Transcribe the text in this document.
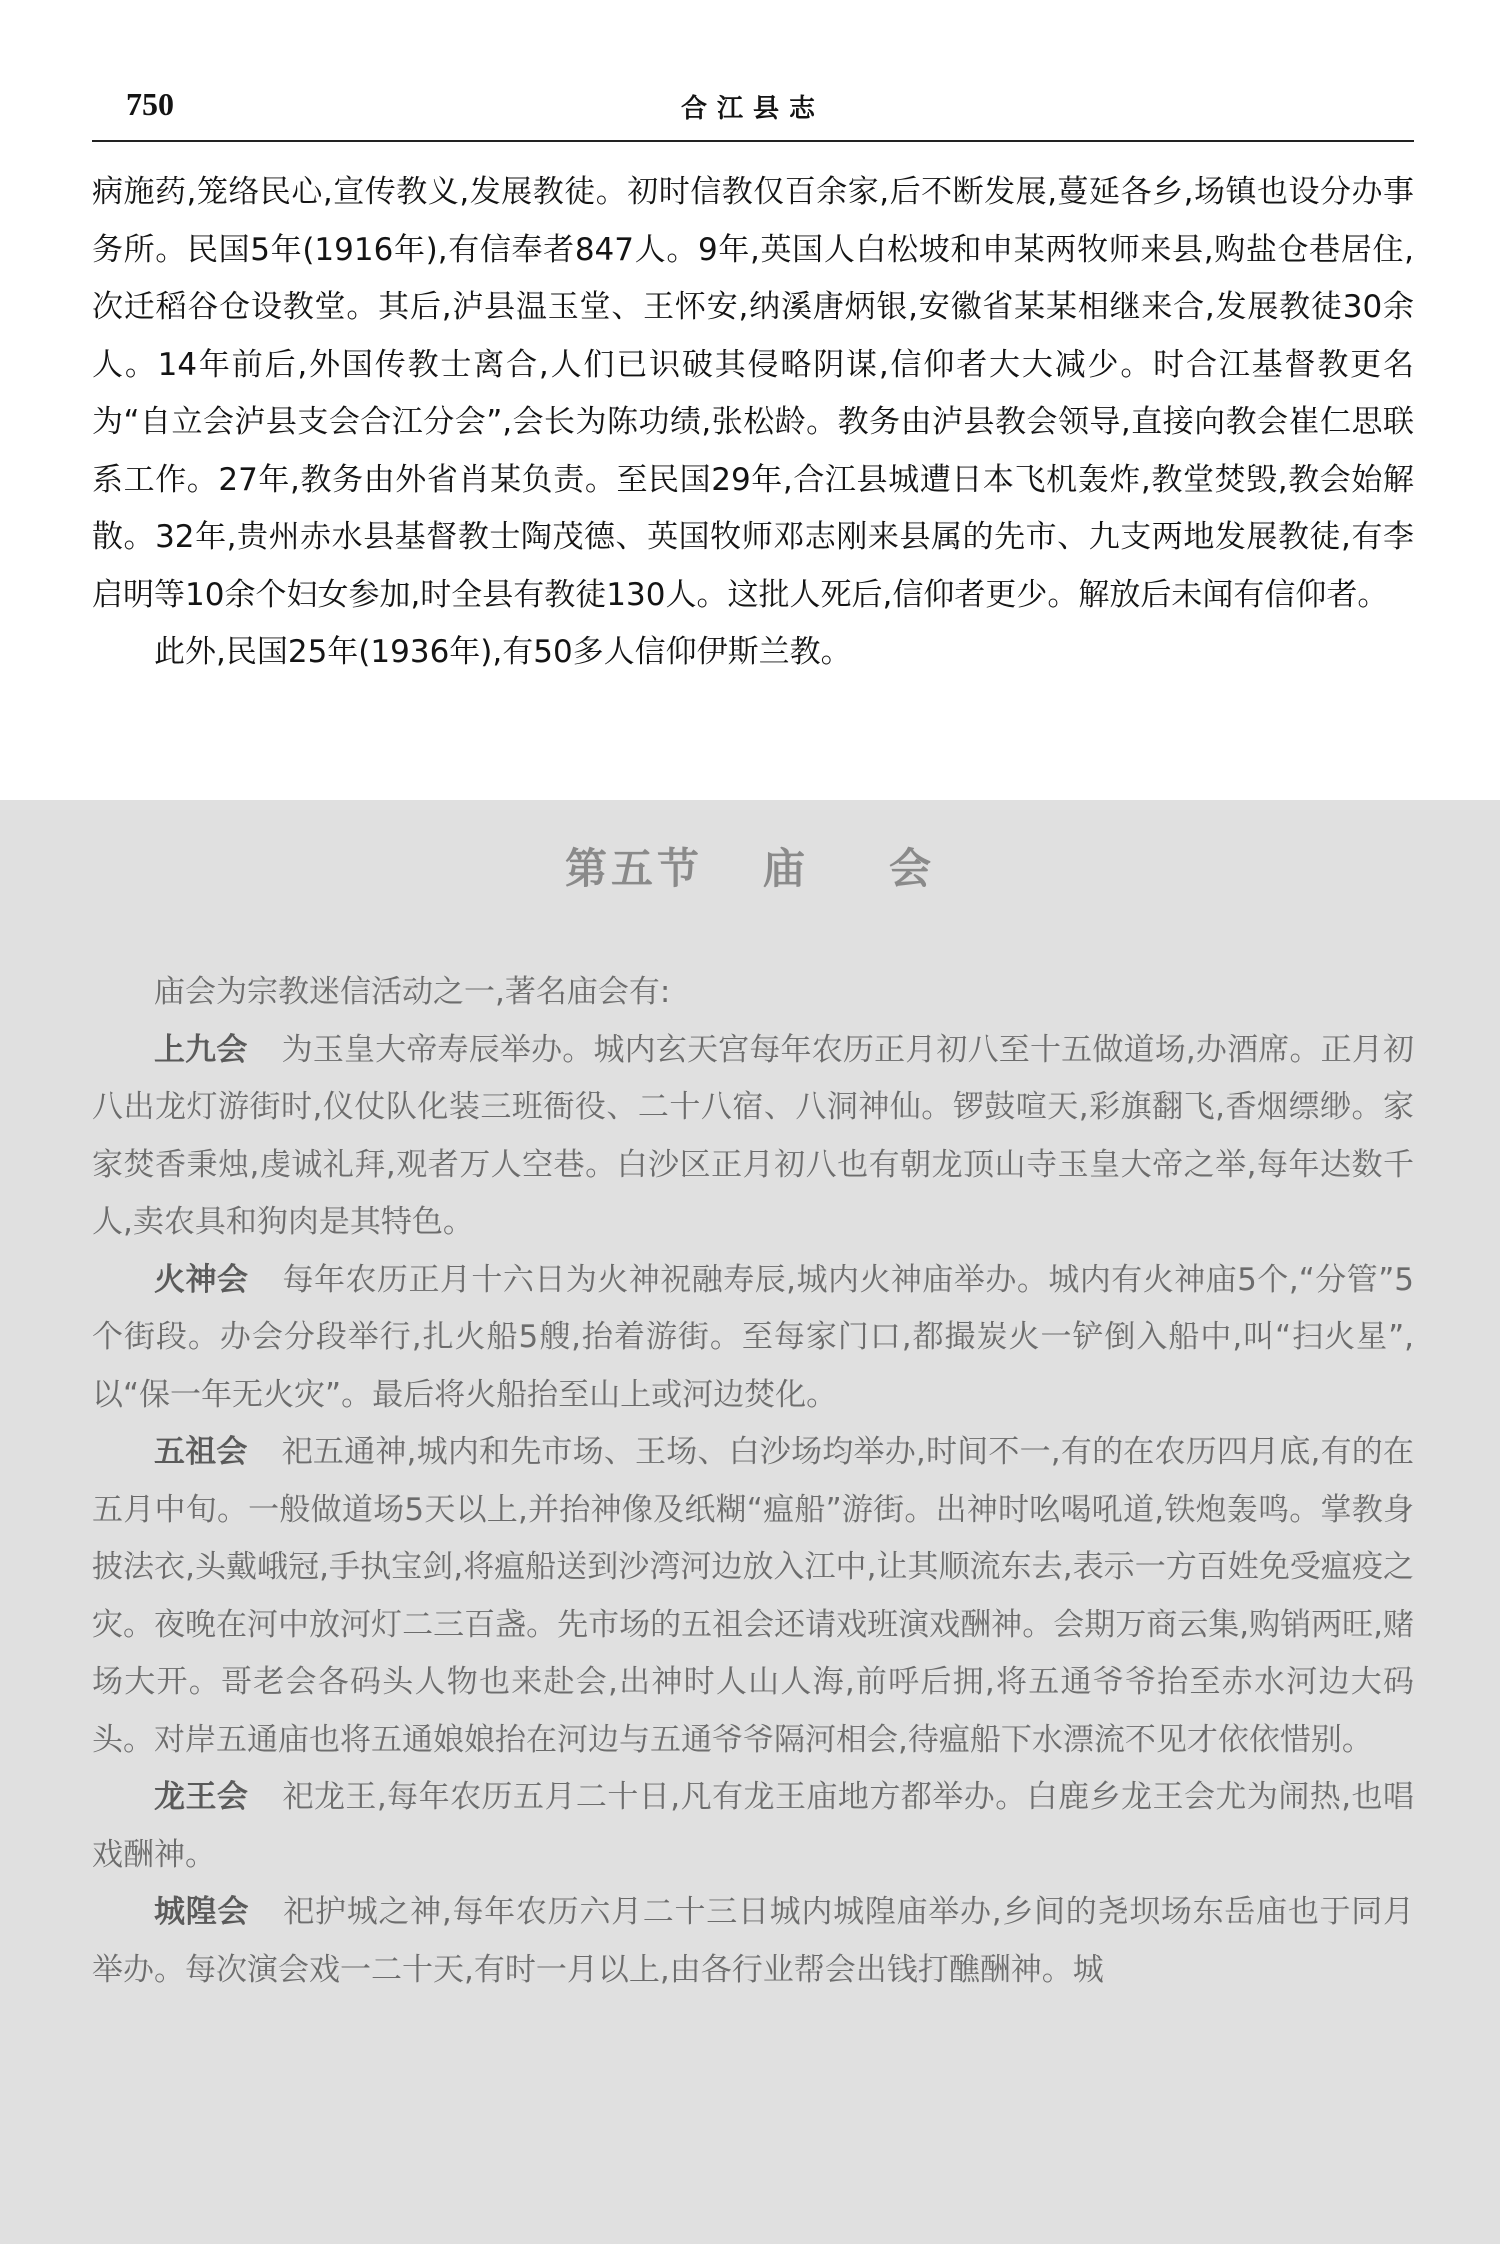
750	合江县志

病施药,笼络民心,宣传教义,发展教徒。初时信教仅百余家,后不断发展,蔓延各乡,场镇也设分办事务所。民国5年(1916年),有信奉者847人。9年,英国人白松坡和申某两牧师来县,购盐仓巷居住,次迁稻谷仓设教堂。其后,泸县温玉堂、王怀安,纳溪唐炳银,安徽省某某相继来合,发展教徒30余人。14年前后,外国传教士离合,人们已识破其侵略阴谋,信仰者大大减少。时合江基督教更名为“自立会泸县支会合江分会”,会长为陈功绩,张松龄。教务由泸县教会领导,直接向教会崔仁思联系工作。27年,教务由外省肖某负责。至民国29年,合江县城遭日本飞机轰炸,教堂焚毁,教会始解散。32年,贵州赤水县基督教士陶茂德、英国牧师邓志刚来县属的先市、九支两地发展教徒,有李启明等10余个妇女参加,时全县有教徒130人。这批人死后,信仰者更少。解放后未闻有信仰者。

此外,民国25年(1936年),有50多人信仰伊斯兰教。

第五节 庙 会

庙会为宗教迷信活动之一,著名庙会有:

上九会 为玉皇大帝寿辰举办。城内玄天宫每年农历正月初八至十五做道场,办酒席。正月初八出龙灯游街时,仪仗队化装三班衙役、二十八宿、八洞神仙。锣鼓喧天,彩旗翻飞,香烟缥缈。家家焚香秉烛,虔诚礼拜,观者万人空巷。白沙区正月初八也有朝龙顶山寺玉皇大帝之举,每年达数千人,卖农具和狗肉是其特色。

火神会 每年农历正月十六日为火神祝融寿辰,城内火神庙举办。城内有火神庙5个,“分管”5个街段。办会分段举行,扎火船5艘,抬着游街。至每家门口,都撮炭火一铲倒入船中,叫“扫火星”,以“保一年无火灾”。最后将火船抬至山上或河边焚化。

五祖会 祀五通神,城内和先市场、王场、白沙场均举办,时间不一,有的在农历四月底,有的在五月中旬。一般做道场5天以上,并抬神像及纸糊“瘟船”游街。出神时吆喝吼道,铁炮轰鸣。掌教身披法衣,头戴峨冠,手执宝剑,将瘟船送到沙湾河边放入江中,让其顺流东去,表示一方百姓免受瘟疫之灾。夜晚在河中放河灯二三百盏。先市场的五祖会还请戏班演戏酬神。会期万商云集,购销两旺,赌场大开。哥老会各码头人物也来赴会,出神时人山人海,前呼后拥,将五通爷爷抬至赤水河边大码头。对岸五通庙也将五通娘娘抬在河边与五通爷爷隔河相会,待瘟船下水漂流不见才依依惜别。

龙王会 祀龙王,每年农历五月二十日,凡有龙王庙地方都举办。白鹿乡龙王会尤为闹热,也唱戏酬神。

城隍会 祀护城之神,每年农历六月二十三日城内城隍庙举办,乡间的尧坝场东岳庙也于同月举办。每次演会戏一二十天,有时一月以上,由各行业帮会出钱打醮酬神。城
